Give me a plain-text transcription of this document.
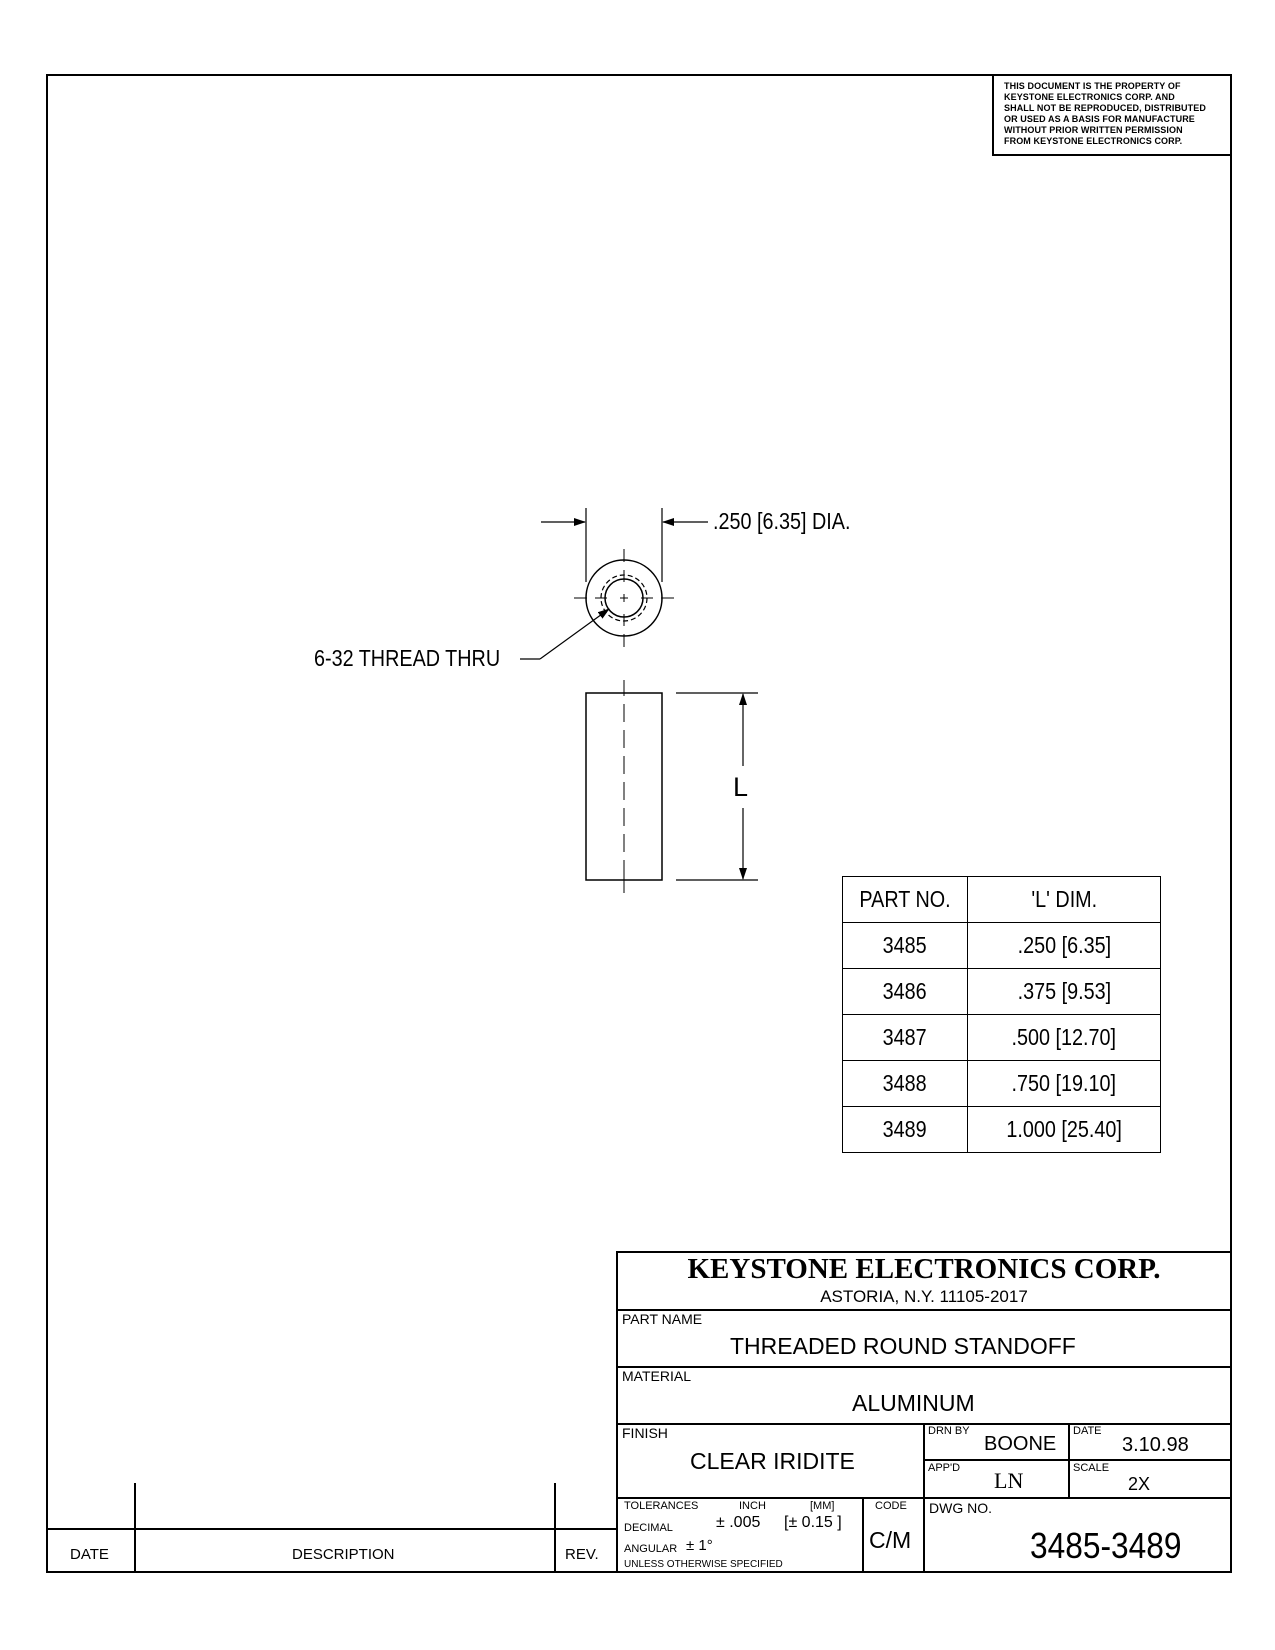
THIS DOCUMENT IS THE PROPERTY OF
KEYSTONE ELECTRONICS CORP. AND
SHALL NOT BE REPRODUCED, DISTRIBUTED
OR USED AS A BASIS FOR MANUFACTURE
WITHOUT PRIOR WRITTEN PERMISSION
FROM KEYSTONE ELECTRONICS CORP.
.250 [6.35] DIA.
6-32 THREAD THRU
L
PART NO.	'L' DIM.
3485	.250 [6.35]
3486	.375 [9.53]
3487	.500 [12.70]
3488	.750 [19.10]
3489	1.000 [25.40]
KEYSTONE ELECTRONICS CORP.
ASTORIA, N.Y. 11105-2017
PART NAME
THREADED ROUND STANDOFF
MATERIAL
ALUMINUM
FINISH
CLEAR IRIDITE
DRN BY
BOONE
DATE
3.10.98
APP'D LN	SCALE
2X
TOLERANCES	INCH	[MM]
DECIMAL	± .005 [± 0.15 ]
ANGULAR ± 1°
UNLESS OTHERWISE SPECIFIED
CODE
C/M
DWG NO.
3485-3489
DATE	DESCRIPTION	REV.
